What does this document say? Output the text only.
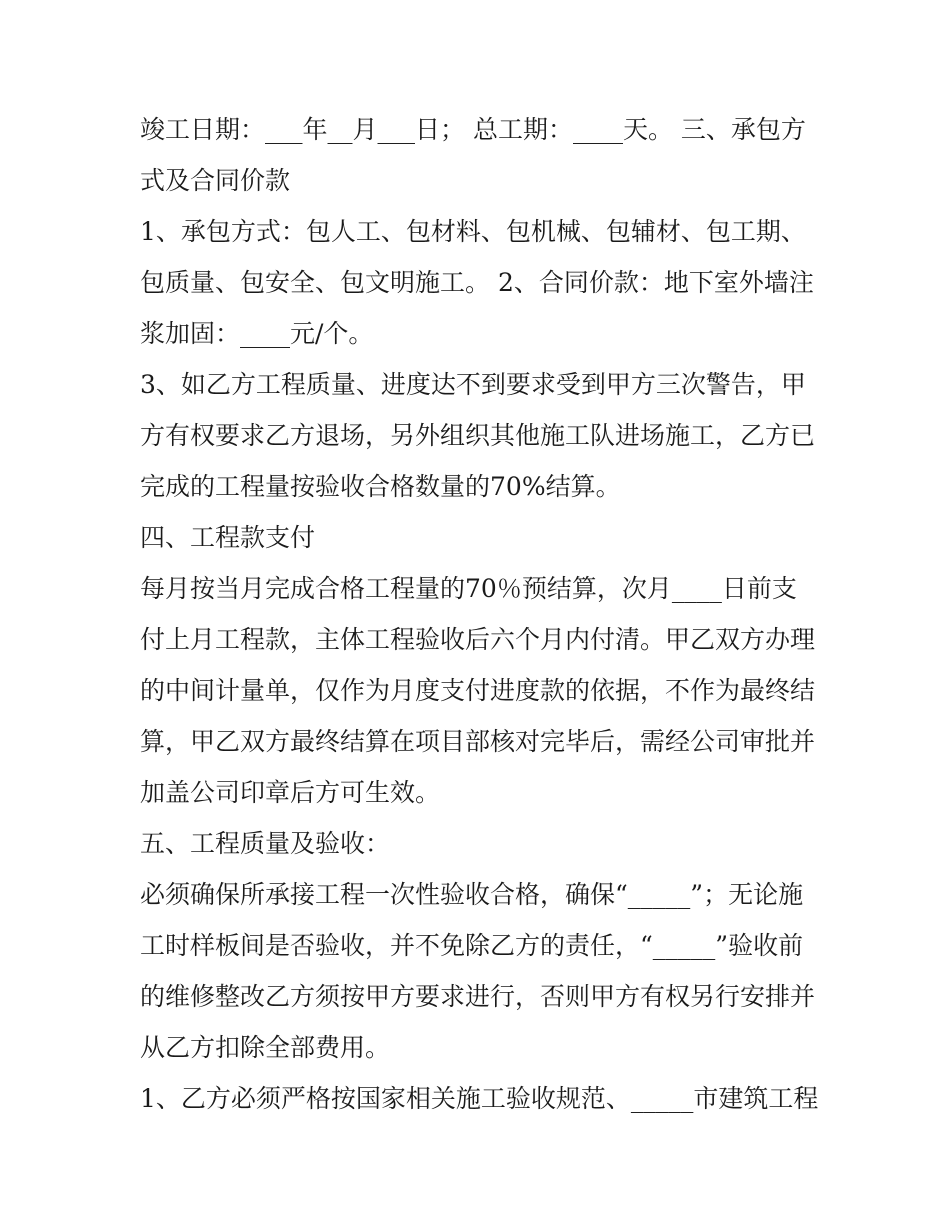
竣工日期：___年__月___日； 总工期：____天。 三、承包方式及合同价款

1、承包方式：包人工、包材料、包机械、包辅材、包工期、包质量、包安全、包文明施工。 2、合同价款：地下室外墙注浆加固：____元/个。

3、如乙方工程质量、进度达不到要求受到甲方三次警告，甲方有权要求乙方退场，另外组织其他施工队进场施工，乙方已完成的工程量按验收合格数量的70%结算。

四、工程款支付

每月按当月完成合格工程量的70％预结算，次月____日前支付上月工程款，主体工程验收后六个月内付清。甲乙双方办理的中间计量单，仅作为月度支付进度款的依据，不作为最终结算，甲乙双方最终结算在项目部核对完毕后，需经公司审批并加盖公司印章后方可生效。

五、工程质量及验收：

必须确保所承接工程一次性验收合格，确保“_____”；无论施工时样板间是否验收，并不免除乙方的责任，“_____”验收前的维修整改乙方须按甲方要求进行，否则甲方有权另行安排并从乙方扣除全部费用。

1、乙方必须严格按国家相关施工验收规范、_____市建筑工程
